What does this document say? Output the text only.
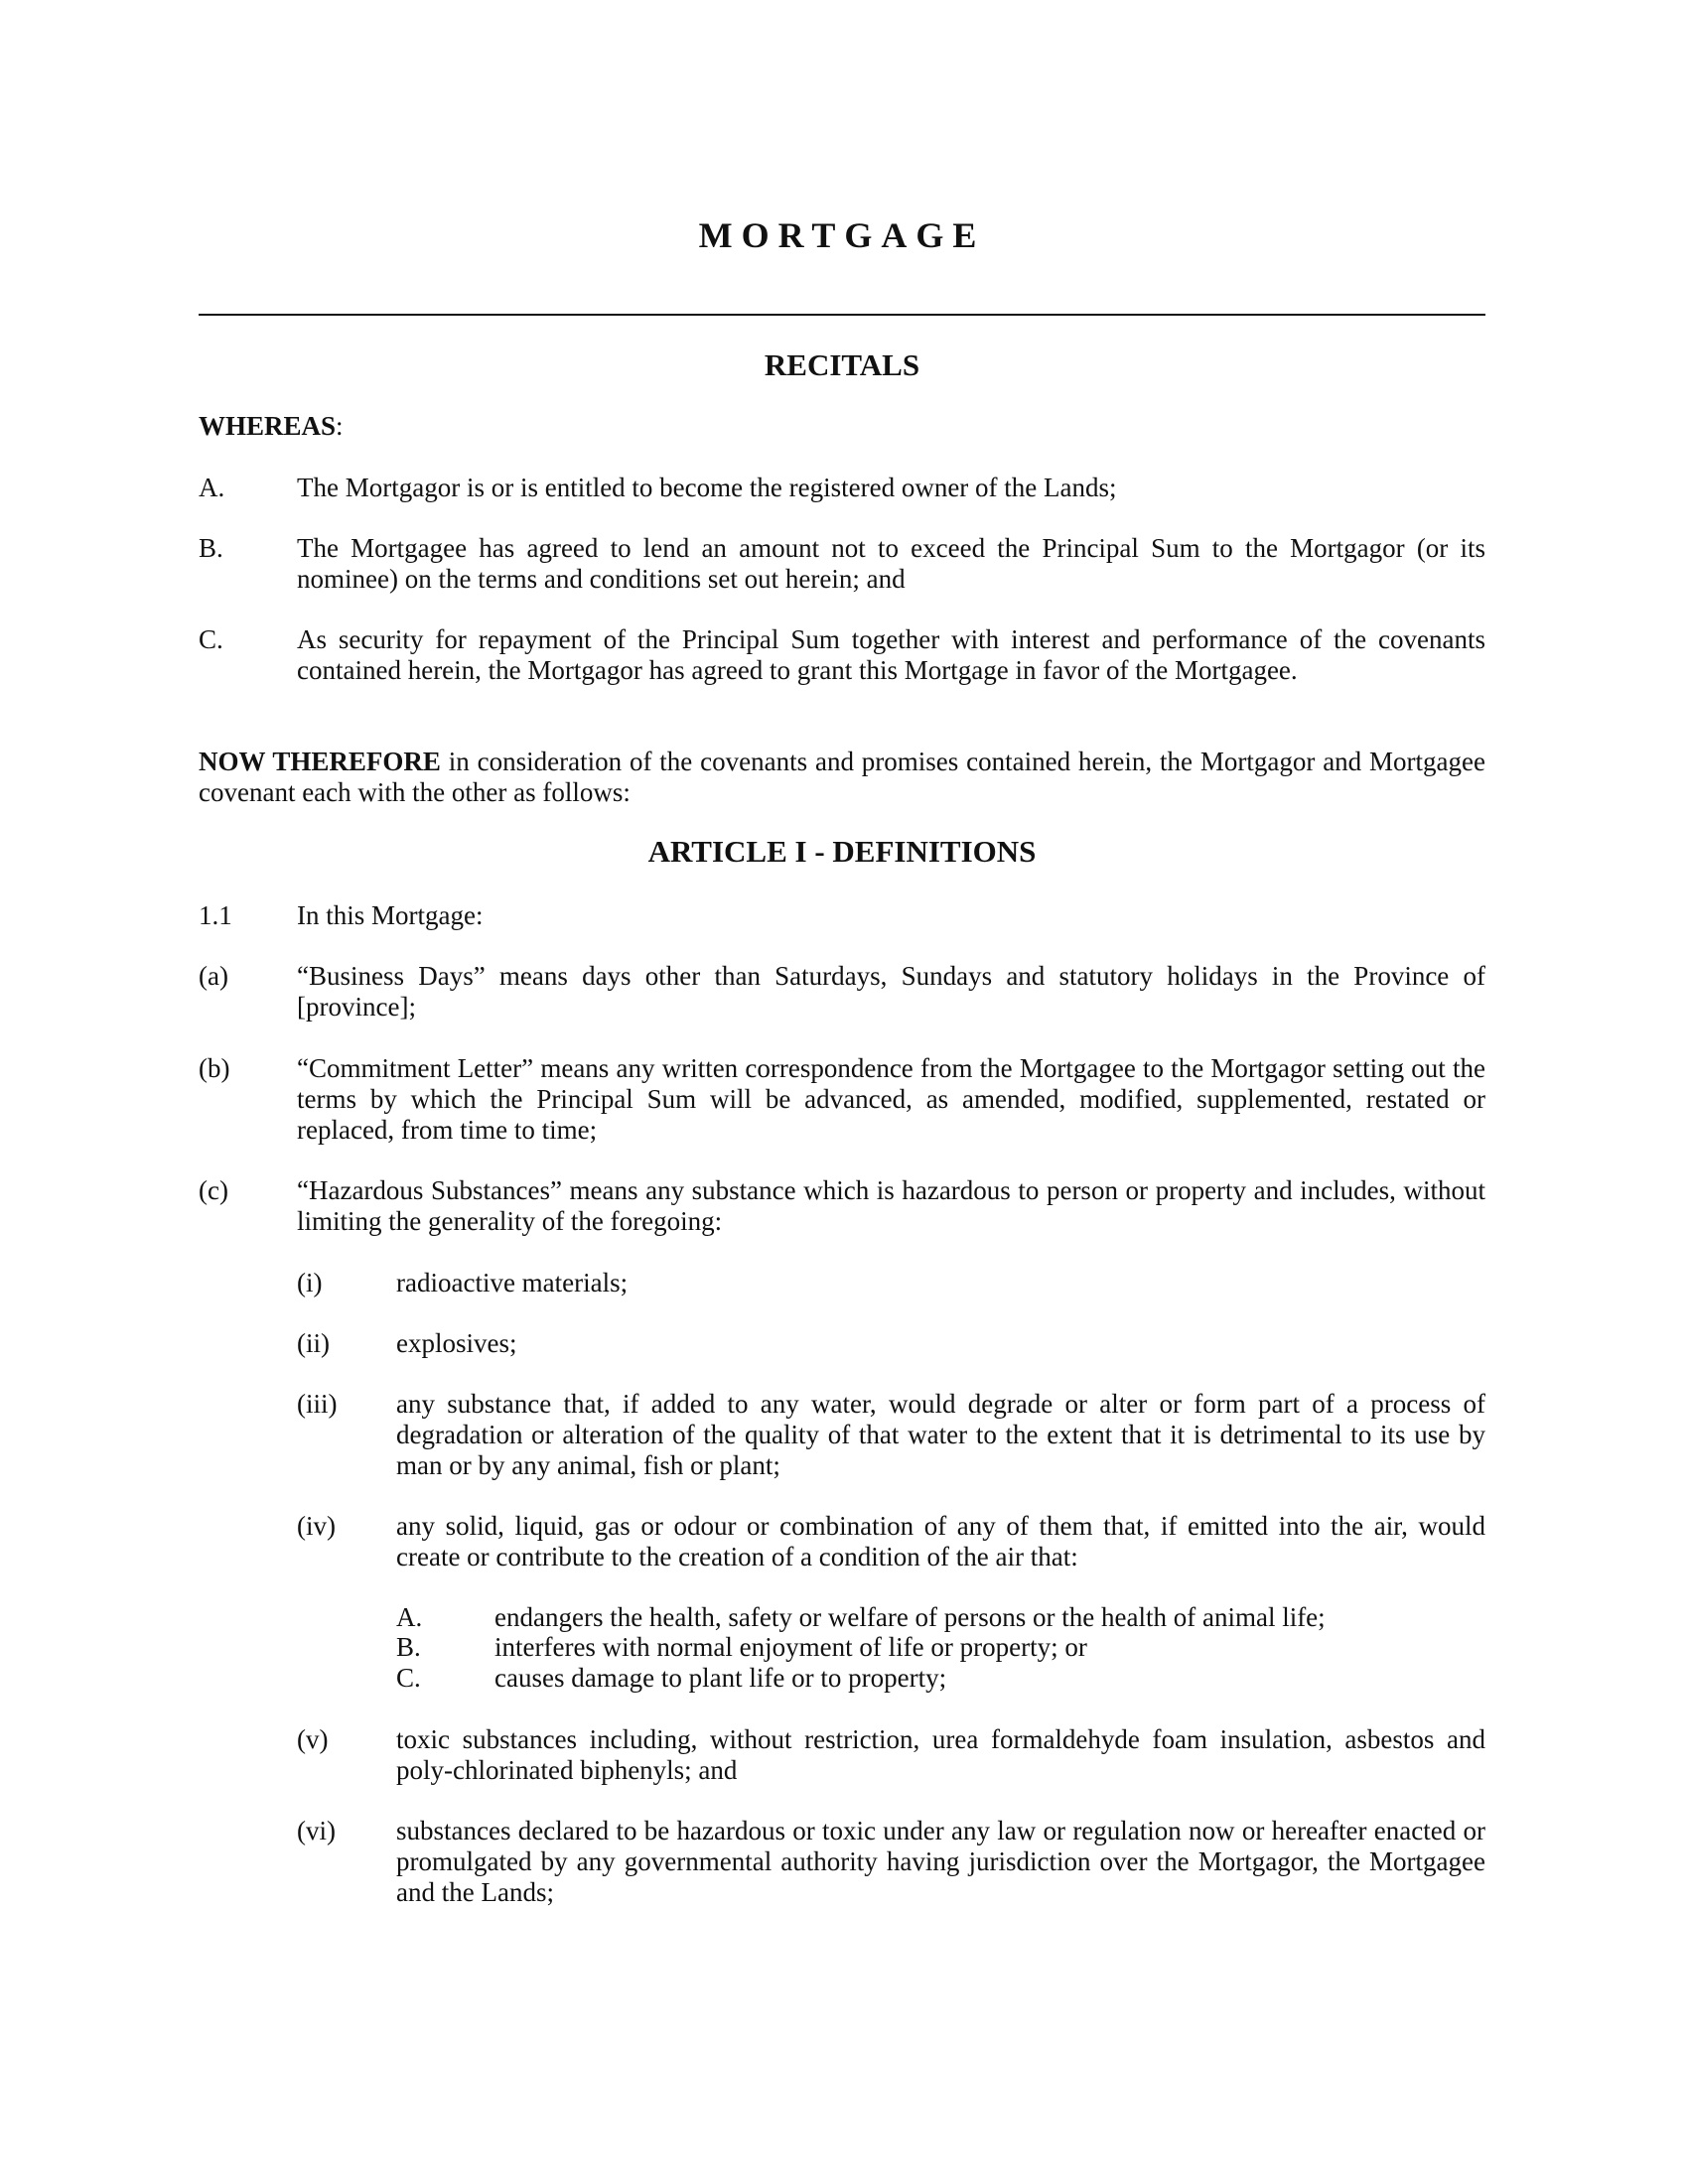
MORTGAGE
RECITALS
WHEREAS:
A.	The Mortgagor is or is entitled to become the registered owner of the Lands;
B.	The Mortgagee has agreed to lend an amount not to exceed the Principal Sum to the Mortgagor (or its nominee) on the terms and conditions set out herein; and
C.	As security for repayment of the Principal Sum together with interest and performance of the covenants contained herein, the Mortgagor has agreed to grant this Mortgage in favor of the Mortgagee.
NOW THEREFORE in consideration of the covenants and promises contained herein, the Mortgagor and Mortgagee covenant each with the other as follows:
ARTICLE I - DEFINITIONS
1.1 In this Mortgage:
(a)	“Business Days” means days other than Saturdays, Sundays and statutory holidays in the Province of [province];
(b)	“Commitment Letter” means any written correspondence from the Mortgagee to the Mortgagor setting out the terms by which the Principal Sum will be advanced, as amended, modified, supplemented, restated or replaced, from time to time;
(c)	“Hazardous Substances” means any substance which is hazardous to person or property and includes, without limiting the generality of the foregoing:
(i)	radioactive materials;
(ii) explosives;
(iii) any substance that, if added to any water, would degrade or alter or form part of a process of degradation or alteration of the quality of that water to the extent that it is detrimental to its use by man or by any animal, fish or plant;
(iv) any solid, liquid, gas or odour or combination of any of them that, if emitted into the air, would create or contribute to the creation of a condition of the air that:
A.	endangers the health, safety or welfare of persons or the health of animal life;
B.	interferes with normal enjoyment of life or property; or
C.	causes damage to plant life or to property;
(v)	toxic substances including, without restriction, urea formaldehyde foam insulation, asbestos and poly-chlorinated biphenyls; and
(vi) substances declared to be hazardous or toxic under any law or regulation now or hereafter enacted or promulgated by any governmental authority having jurisdiction over the Mortgagor, the Mortgagee and the Lands;
